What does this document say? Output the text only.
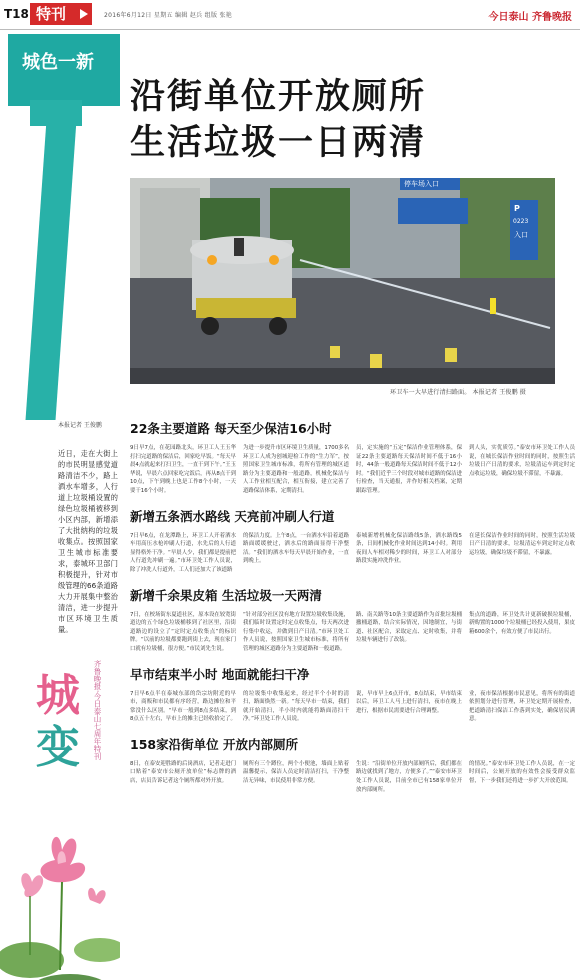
T18 特刊	2016年6月12日 星期五 编辑 赵兵 组版 张艳	今日泰山 齐鲁晚报
城色一新
本报记者 王俊鹏
近日，走在大街上的市民明显感觉道路清洁不少，路上洒水车增多，人行道上垃圾桶设置的绿色垃圾桶被移到小区内部，新增添了大批纳构的垃圾收集点。按照国家卫生城市标准要求，泰城环卫部门积极提升，针对市级管理的66条道路大力开展集中整治清洁，进一步提升市区环境卫生质量。
城
变	齐鲁晚报·今日泰山七周年特刊
沿街单位开放厕所
生活垃圾一日两清
停车场入口
P
0223
入口
环卫车一大早进行清扫路面。 本报记者 王俊鹏 摄
22条主要道路 每天至少保洁16小时
9日早7点，在花园路北头，环卫工人王玉华打扫完道路的保洁后，回家吃早饭。“每天早晨4点就起来打扫卫生，一直干到下午。”王玉华说，早晨六点回家吃完饭后，再从8点干到10点，下午到晚上也是工作8个小时，一天要干16个小时。
为进一步提升市区环境卫生质量，1700多名环卫工人成为创城迎检工作的“生力军”，按照国家卫生城市标准，将所有管理的城区道路分为主要道路和一般道路，机械化保洁与人工作业相互配合，相互衔接，建立完善了道路保洁体系，定期清扫。
员，定实施的“五定”保洁作业管理体系，保证22条主要道路每天保洁时间不低于16小时，44条一般道路每天保洁时间不低于12小时。“我们近乎三个时段对城市道路的保洁进行检查，当天通报，并作好相关档案，定期跟踪管理。
到人头，实优质劳。”泰安市环卫处工作人员说，在城长保洁作业时间的同时，按照生活垃圾日产日清的要求，垃圾清运车到定时定点收运垃圾，确保垃圾不滞留，不暴露。
新增五条洒水路线 天亮前冲刷人行道
7日早6点，在龙潭路上，环卫工人开着洒水车用高压水枪冲刷人行道，水先后的人行道显得格外干净。“早晨人少，我们都是提前把人行道先冲刷一遍。”市环卫处工作人员说，除了冲洗人行道外，工人们还加大了该道路
的保洁力度。上午8点，一台洒水车沿着道路路面缓缓驶过，洒水后的路面显得干净整洁。“我们的洒水车每天早晨开始作业，一直到晚上。
泰城新增机械化保洁路线5条，洒水路线5条，日间机械化作业时间达到14小时。利用夜间人车相对稀少的时间，环卫工人对部分路段实施冲洗作业。
在延长保洁作业时间的同时，按照生活垃圾日产日清的要求，垃圾清运车到定时定点收运垃圾，确保垃圾不滞留，不暴露。
新增千余果皮箱 生活垃圾一天两清
7日，在校场街东夏道社区，原本设在较宽街道边的五个绿色垃圾桶移到了社区里，沿街道路边的设立了“定时定点收集点”的标识牌。“以前的垃圾都要跑到街上去，现在家门口就有垃圾桶，很方便。”市民刘先生说。
“针对部分社区没有地方设置垃圾收集设施，我们临时设置定时定点收集点，每天两次进行集中收运，并做到日产日清。”市环卫处工作人员说，按照国家卫生城市标准，将所有管理的城区道路分为主要道路和一般道路。
路、南关路等10条主要道路作为首批垃圾桶撤桶道路，结合实际情况，因地制宜，与街道、社区配合，采取定点、定时收集，并将垃圾车辆进行了改装。
集点的道路，环卫处共计更新破损垃圾桶，新购置的1000个垃圾桶已经投入使用，果皮箱600余个，有效方便了市民出行。
早市结束半小时 地面就能扫干净
7日早6点半在泰城东部的岱宗坊附近的早市，商贩和市民都有序经营，路边摊位和平常没什么区别。“早市一般到8点多结束，到8点五十左右，早市上的摊主已经收拾完了。
的垃圾集中收集起来，经过半个小时的清扫，路面焕然一新。“每天早市一结束，我们就开始清扫，半小时内就能将路面清扫干净。”环卫处工作人员说。
说，早市早上6点开市，8点结束，早市结束以后，环卫工人马上进行清扫，夜市在晚上进行，根据市民需要进行合理调整。
业，夜市保洁根据市民意见，将所有的街道依照划分进行管理，环卫处定期开展检查，把道路清扫保洁工作落到实处，确保居民满意。
158家沿街单位 开放内部厕所
8日，在泰安迎胜路的后岗酒店，记者走进门口贴着“泰安市公厕开放单位”标志牌的酒店，店员告诉记者这个厕所都对外开放。
厕所有三个蹲位，两个小便池，墙面上贴着温馨提示，保洁人员定时清洁打扫，干净整洁无异味，市民使用非常方便。
生说：“沿街单位开放内部厕所后，我们都在路边就找到了地方，方便多了。”“泰安市环卫处工作人员说，目前全市已有158家单位开放内部厕所。
的情况。”泰安市环卫处工作人员说，在一定时间后，公厕开放的有效性会接受群众监督，下一步我们还将进一步扩大开放范围。
